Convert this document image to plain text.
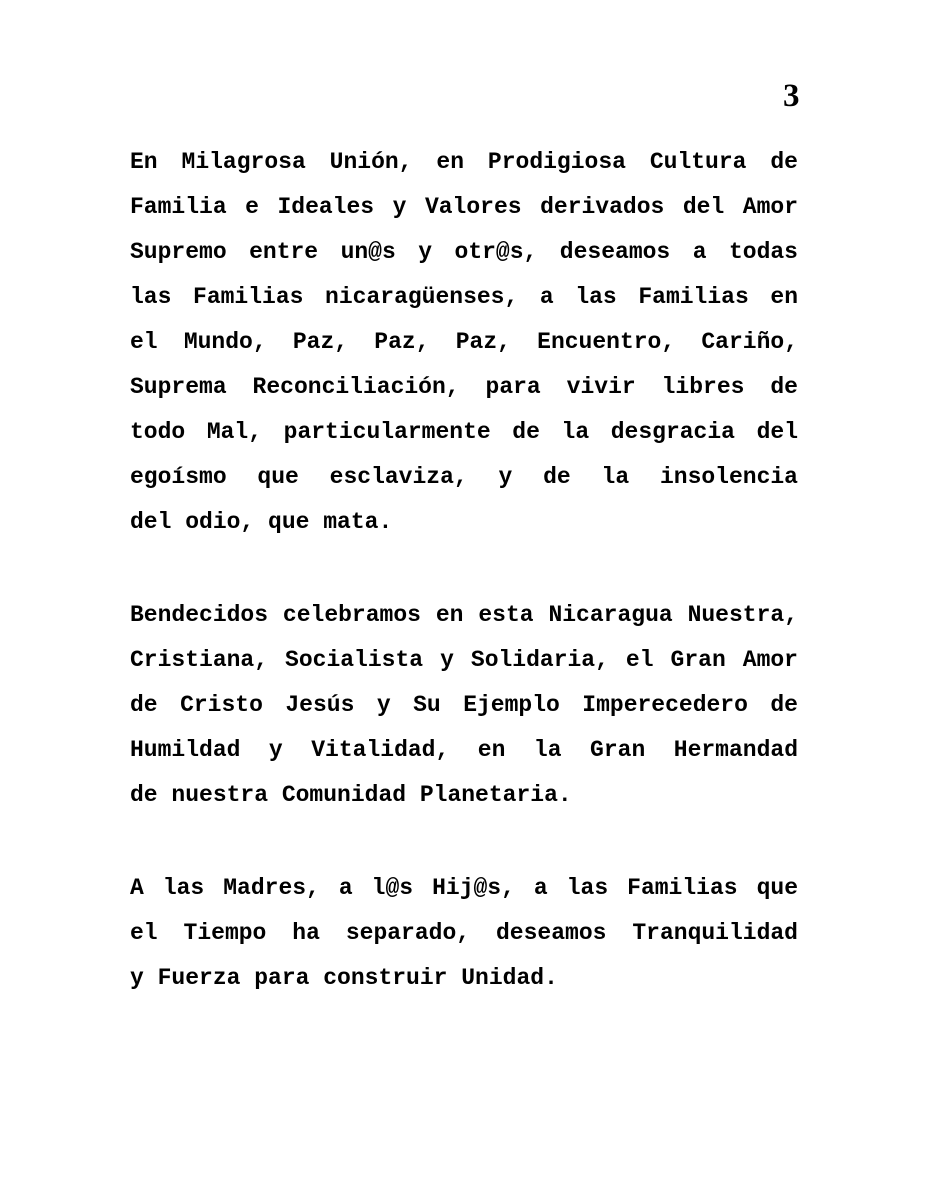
3
En Milagrosa Unión, en Prodigiosa Cultura de
Familia e Ideales y Valores derivados del Amor
Supremo entre un@s y otr@s, deseamos a todas
las Familias nicaragüenses, a las Familias en
el Mundo, Paz, Paz, Paz, Encuentro, Cariño,
Suprema Reconciliación, para vivir libres de
todo Mal, particularmente de la desgracia del
egoísmo que esclaviza, y de la insolencia
del odio, que mata.
Bendecidos celebramos en esta Nicaragua Nuestra,
Cristiana, Socialista y Solidaria, el Gran Amor
de Cristo Jesús y Su Ejemplo Imperecedero de
Humildad y Vitalidad, en la Gran Hermandad
de nuestra Comunidad Planetaria.
A las Madres, a l@s Hij@s, a las Familias que
el Tiempo ha separado, deseamos Tranquilidad
y Fuerza para construir Unidad.
